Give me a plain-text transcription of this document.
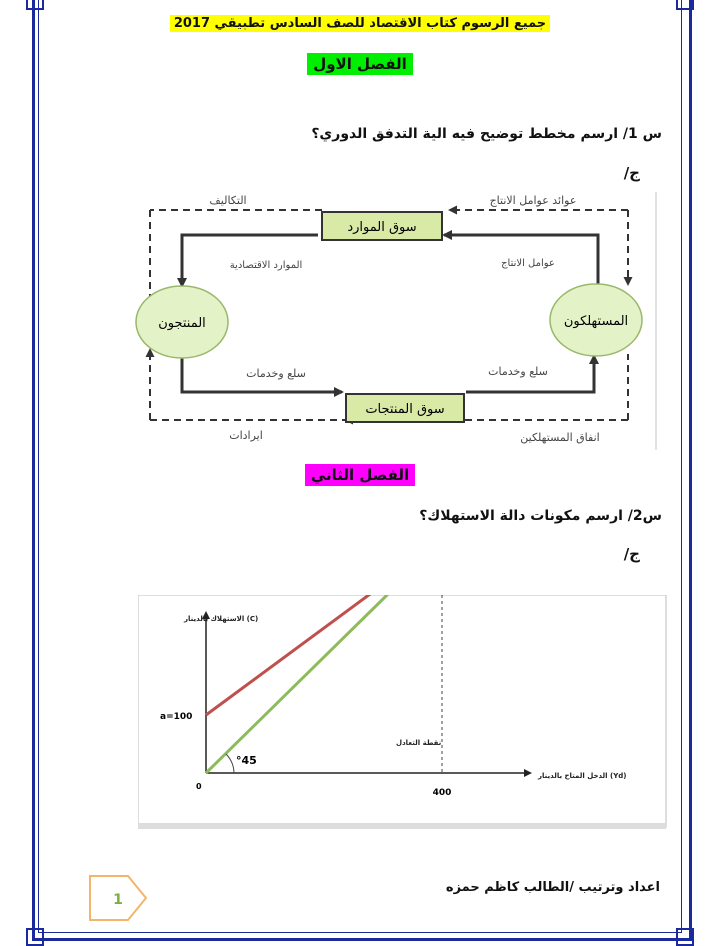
جميع الرسوم كتاب الاقتصاد للصف السادس تطبيقي 2017
الفصل الاول
س 1/ ارسم مخطط توضيح فيه الية التدفق الدوري؟
ج/
سوق الموارد
سوق المنتجات
المنتجون	المستهلكون
التكاليف	عوائد عوامل الانتاج
الموارد الاقتصادية	عوامل الانتاج
سلع وخدمات	سلع وخدمات
ايرادات	انفاق المستهلكين
الفصل الثاني
س2/ ارسم مكونات دالة الاستهلاك؟
ج/
الاستهلاك بالدينار (C)
الدخل المتاح بالدينار (Yd)
0
400
a=100
°45
نقطة التعادل
1
اعداد وترتيب /الطالب كاظم حمزه
